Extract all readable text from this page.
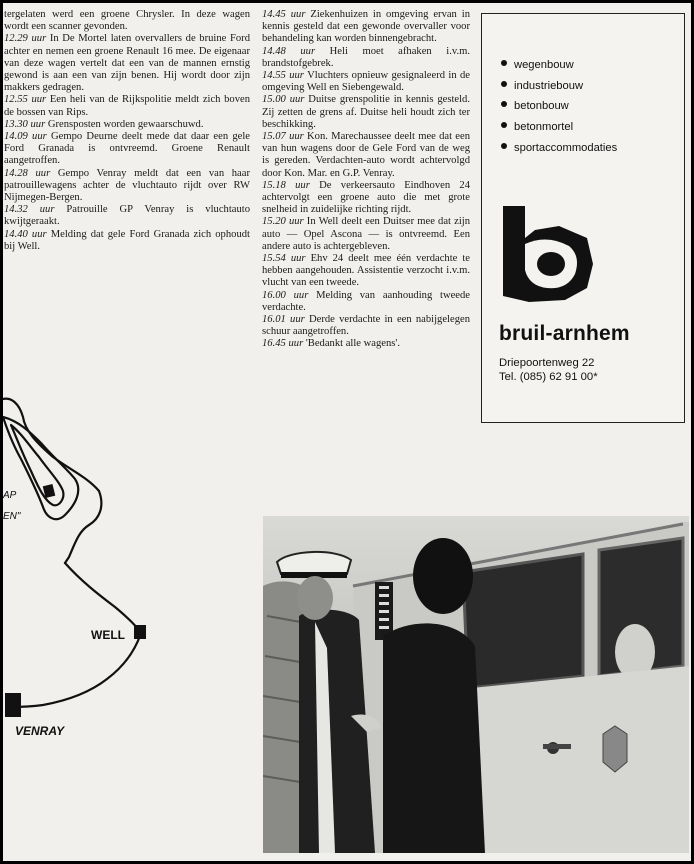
tergelaten werd een groene Chrysler. In deze wagen wordt een scanner gevonden.

12.29 uur In De Mortel laten overvallers de bruine Ford achter en nemen een groene Renault 16 mee. De eigenaar van deze wagen vertelt dat een van de mannen ernstig gewond is aan een van zijn benen. Hij wordt door zijn makkers gedragen.

12.55 uur Een heli van de Rijkspolitie meldt zich boven de bossen van Rips.

13.30 uur Grensposten worden gewaarschuwd.

14.09 uur Gempo Deurne deelt mede dat daar een gele Ford Granada is ontvreemd. Groene Renault aangetroffen.

14.28 uur Gempo Venray meldt dat een van haar patrouillewagens achter de vluchtauto rijdt over RW Nijmegen-Bergen.

14.32 uur Patrouille GP Venray is vluchtauto kwijtgeraakt.

14.40 uur Melding dat gele Ford Granada zich ophoudt bij Well.

14.45 uur Ziekenhuizen in omgeving ervan in kennis gesteld dat een gewonde overvaller voor behandeling kan worden binnengebracht.

14.48 uur Heli moet afhaken i.v.m. brandstofgebrek.

14.55 uur Vluchters opnieuw gesignaleerd in de omgeving Well en Siebengewald.

15.00 uur Duitse grenspolitie in kennis gesteld. Zij zetten de grens af. Duitse heli houdt zich ter beschikking.

15.07 uur Kon. Marechaussee deelt mee dat een van hun wagens door de Gele Ford van de weg is gereden. Verdachten-auto wordt achtervolgd door Kon. Mar. en G.P. Venray.

15.18 uur De verkeersauto Eindhoven 24 achtervolgt een groene auto die met grote snelheid in zuidelijke richting rijdt.

15.20 uur In Well deelt een Duitser mee dat zijn auto — Opel Ascona — is ontvreemd. Een andere auto is achtergebleven.

15.54 uur Ehv 24 deelt mee één verdachte te hebben aangehouden. Assistentie verzocht i.v.m. vlucht van een tweede.

16.00 uur Melding van aanhouding tweede verdachte.

16.01 uur Derde verdachte in een nabijgelegen schuur aangetroffen.

16.45 uur 'Bedankt alle wagens'.

wegenbouw
industriebouw
betonbouw
betonmortel
sportaccommodaties
b
bruil-arnhem
Driepoortenweg 22
Tel. (085) 62 91 00*
AP
EN"
WELL
VENRAY
WWW.RIJKSPOLITIE.ORG
